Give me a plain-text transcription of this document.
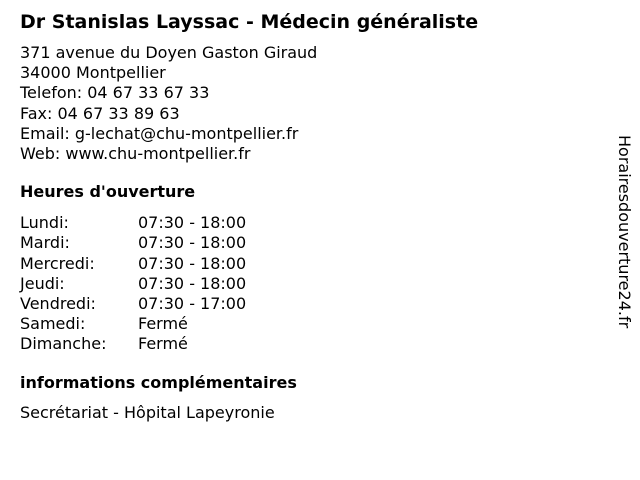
Dr Stanislas Layssac - Médecin généraliste
371 avenue du Doyen Gaston Giraud
34000 Montpellier
Telefon: 04 67 33 67 33
Fax: 04 67 33 89 63
Email: g-lechat@chu-montpellier.fr
Web: www.chu-montpellier.fr
Heures d'ouverture
Lundi:	07:30 - 18:00
Mardi:	07:30 - 18:00
Mercredi:	07:30 - 18:00
Jeudi:	07:30 - 18:00
Vendredi:	07:30 - 17:00
Samedi:	Fermé
Dimanche: Fermé
informations complémentaires
Secrétariat - Hôpital Lapeyronie
Horairesdouverture24.fr
